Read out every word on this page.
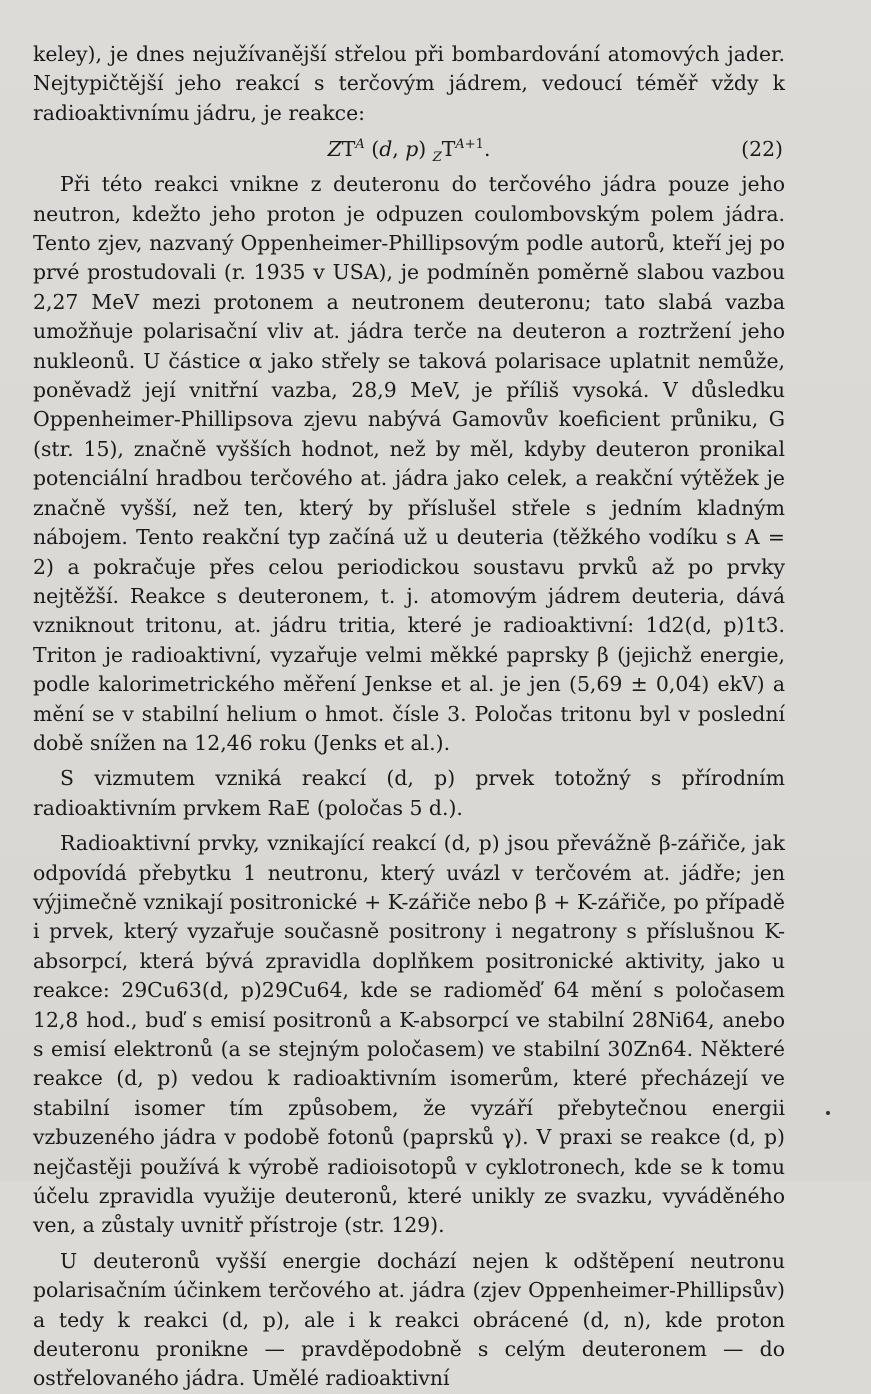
keley), je dnes nejužívanější střelou při bombardování atomových jader. Nejtypičtější jeho reakcí s terčovým jádrem, vedoucí téměř vždy k radioaktivnímu jádru, je reakce:

$ZT^A$ (d, p) $_ZT^{A+1}$.	(22)

Při této reakci vnikne z deuteronu do terčového jádra pouze jeho neutron, kdežto jeho proton je odpuzen coulombovským polem jádra. Tento zjev, nazvaný Oppenheimer-Phillipsovým podle autorů, kteří jej po prvé prostudovali (r. 1935 v USA), je podmíněn poměrně slabou vazbou 2,27 MeV mezi protonem a neutronem deuteronu; tato slabá vazba umožňuje polarisační vliv at. jádra terče na deuteron a roztržení jeho nukleonů. U částice α jako střely se taková polarisace uplatnit nemůže, poněvadž její vnitřní vazba, 28,9 MeV, je příliš vysoká. V důsledku Oppenheimer-Phillipsova zjevu nabývá Gamovův koeficient průniku, G (str. 15), značně vyšších hodnot, než by měl, kdyby deuteron pronikal potenciální hradbou terčového at. jádra jako celek, a reakční výtěžek je značně vyšší, než ten, který by příslušel střele s jedním kladným nábojem. Tento reakční typ začíná už u deuteria (těžkého vodíku s A = 2) a pokračuje přes celou periodickou soustavu prvků až po prvky nejtěžší. Reakce s deuteronem, t. j. atomovým jádrem deuteria, dává vzniknout tritonu, at. jádru tritia, které je radioaktivní: 1d2(d, p)1t3. Triton je radioaktivní, vyzařuje velmi měkké paprsky β (jejichž energie, podle kalorimetrického měření Jenkse et al. je jen (5,69 ± 0,04) ekV) a mění se v stabilní helium o hmot. čísle 3. Poločas tritonu byl v poslední době snížen na 12,46 roku (Jenks et al.).

S vizmutem vzniká reakcí (d, p) prvek totožný s přírodním radioaktivním prvkem RaE (poločas 5 d.).

Radioaktivní prvky, vznikající reakcí (d, p) jsou převážně β-zářiče, jak odpovídá přebytku 1 neutronu, který uvázl v terčovém at. jádře; jen výjimečně vznikají positronické + K-zářiče nebo β + K-zářiče, po případě i prvek, který vyzařuje současně positrony i negatrony s příslušnou K-absorpcí, která bývá zpravidla doplňkem positronické aktivity, jako u reakce: 29Cu63(d, p)29Cu64, kde se radioměď 64 mění s poločasem 12,8 hod., buď s emisí positronů a K-absorpcí ve stabilní 28Ni64, anebo s emisí elektronů (a se stejným poločasem) ve stabilní 30Zn64. Některé reakce (d, p) vedou k radioaktivním isomerům, které přecházejí ve stabilní isomer tím způsobem, že vyzáří přebytečnou energii vzbuzeného jádra v podobě fotonů (paprsků γ). V praxi se reakce (d, p) nejčastěji používá k výrobě radioisotopů v cyklotronech, kde se k tomu účelu zpravidla využije deuteronů, které unikly ze svazku, vyváděného ven, a zůstaly uvnitř přístroje (str. 129).

U deuteronů vyšší energie dochází nejen k odštěpení neutronu polarisačním účinkem terčového at. jádra (zjev Oppenheimer-Phillipsův) a tedy k reakci (d, p), ale i k reakci obrácené (d, n), kde proton deuteronu pronikne — pravděpodobně s celým deuteronem — do ostřelovaného jádra. Umělé radioaktivní
